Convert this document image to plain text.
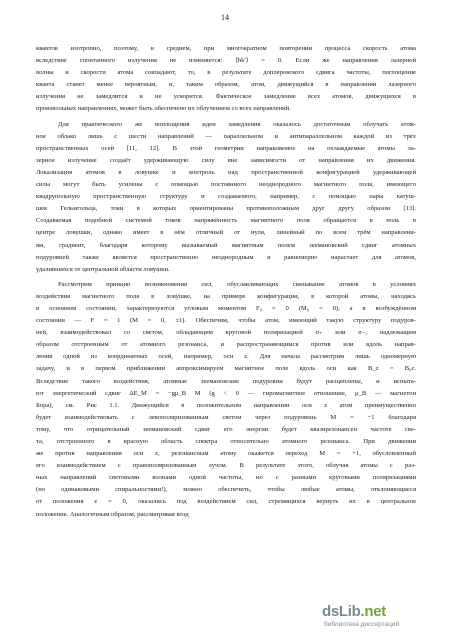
14
квантов изотропно, поэтому, в среднем, при многократном повторении процесса скорость атома
вследствие спонтанного излучения не изменяется: ⟨ħk′⟩ = 0. Если же направления лазерной
волны и скорости атома совпадают, то, в результате доплеровского сдвига частоты, поглощение
кванта станет менее вероятным, и, таким образом, атом, движущийся в направлении лазерного
излучения не замедлится и не ускорится. Фактическое замедление всех атомов, движущихся в
произвольных направлениях, может быть обеспечено их облучением со всех направлений.
Для практического же воплощения идеи замедления оказалось достаточным облучать атом-
ное облако лишь с шести направлений — параллельном и антипараллельном каждой из трёх
пространственных осей [11, 12]. В этой геометрии направляемое на охлаждаемые атомы ла-
зерное излучение создаёт удерживающую силу вне зависимости от направления их движения.
Локализация атомов в ловушке и контроль над пространственной конфигурацией удерживающей
силы могут быть усилены с помощью постоянного неоднородного магнитного поля, имеющего
квадрупольную пространственную структуру и создаваемого, например, с помощью пары катуш-
шек Гельмгольца, токи в которых ориентированы противоположным друг другу образом [13].
Создаваемая подобной системой токов напряжённость магнитного поля обращается в ноль в
центре ловушки, однако имеет в нём отличный от нуля, линейный по всем трём направлени-
ям, градиент, благодаря которому вызываемый магнитным полем зеемановский сдвиг атомных
подуровней также является пространственно неоднородным и равномерно нарастает для атомов,
удалившихся от центральной области ловушки.
Рассмотрим принцип возникновения сил, обуславливающих связывание атомов в условиях
воздействия магнитного поля в ловушке, на примере конфигурации, в которой атомы, находясь
в основном состоянии, характеризуются угловым моментом F₀ = 0 (M₀ = 0), а в возбуждённом
состоянии — F = 1 (M = 0, ±1). Обеспечим, чтобы атом, имеющий такую структуру подуров-
ней, взаимодействовал со светом, обладающим круговой поляризацией σ₊ или σ₋, надлежащим
образом отстроенным от атомного резонанса, и распространяющимся против или вдоль направ-
ления одной из координатных осей, например, оси z. Для начала рассмотрим лишь одномерную
задачу, и в первом приближении аппроксимируем магнитное поле вдоль оси как B_z = B₀z.
Вследствие такого воздействия, атомные зеемановские подуровни будут расщеплены, и испыта-
ют энергетический сдвиг ΔE_M = −gμ_B M (g < 0 — гиромагнитное отношение, μ_B — магнетон
Бора), см. Рис 1.1. Движущийся в положительном направлении оси z атом преимущественно
будет взаимодействовать с левополяризованным светом через подуровень M = −1 благодаря
тому, что отрицательный зеемановский сдвиг его энергии будет квазирезонансен частоте све-
та, отстроенного в красную область спектра относительно атомного резонанса. При движении
же против направления оси z, резонансным атому окажется переход M = +1, обусловленный
его взаимодействием с правополяризованным лучом. В результате этого, облучая атомы с раз-
ных направлений световыми волнами одной частоты, но с разными круговыми поляризациями
(но одинаковыми спиральностями!), можно обеспечить, чтобы любые атомы, отклоняющиеся
от положения z = 0, оказались под воздействием сил, стремящихся вернуть их в центральное
положение. Аналогичным образом, рассматривая возд
dsLib.net
библиотека диссертаций
